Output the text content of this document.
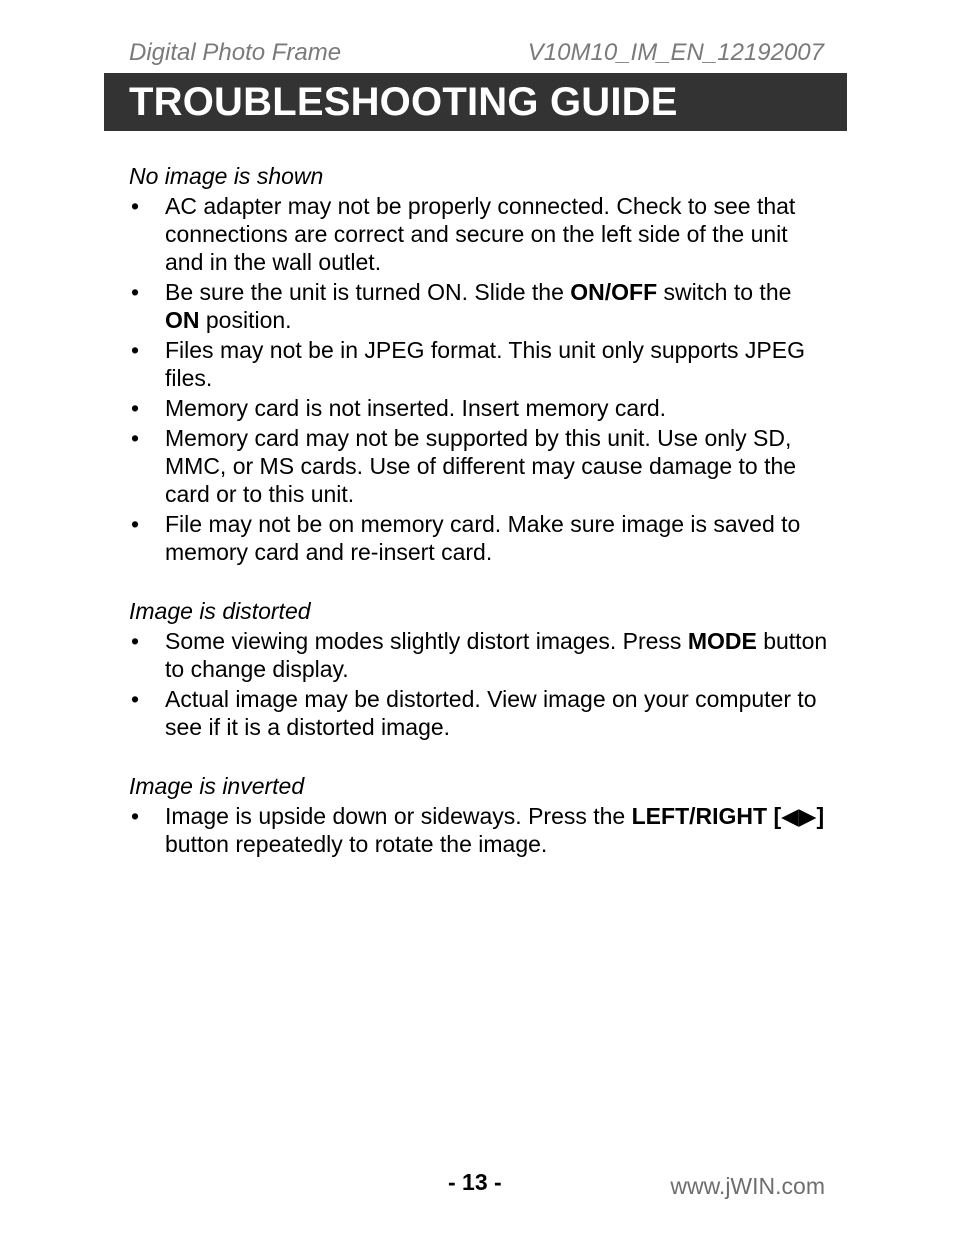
Digital Photo Frame	V10M10_IM_EN_12192007
TROUBLESHOOTING GUIDE
No image is shown
• AC adapter may not be properly connected. Check to see that connections are correct and secure on the left side of the unit and in the wall outlet.
• Be sure the unit is turned ON. Slide the ON/OFF switch to the ON position.
• Files may not be in JPEG format. This unit only supports JPEG files.
• Memory card is not inserted. Insert memory card.
• Memory card may not be supported by this unit. Use only SD, MMC, or MS cards. Use of different may cause damage to the card or to this unit.
• File may not be on memory card. Make sure image is saved to memory card and re-insert card.
Image is distorted
• Some viewing modes slightly distort images. Press MODE button to change display.
• Actual image may be distorted. View image on your computer to see if it is a distorted image.
Image is inverted
• Image is upside down or sideways. Press the LEFT/RIGHT [◀▶] button repeatedly to rotate the image.
- 13 -	www.jWIN.com
